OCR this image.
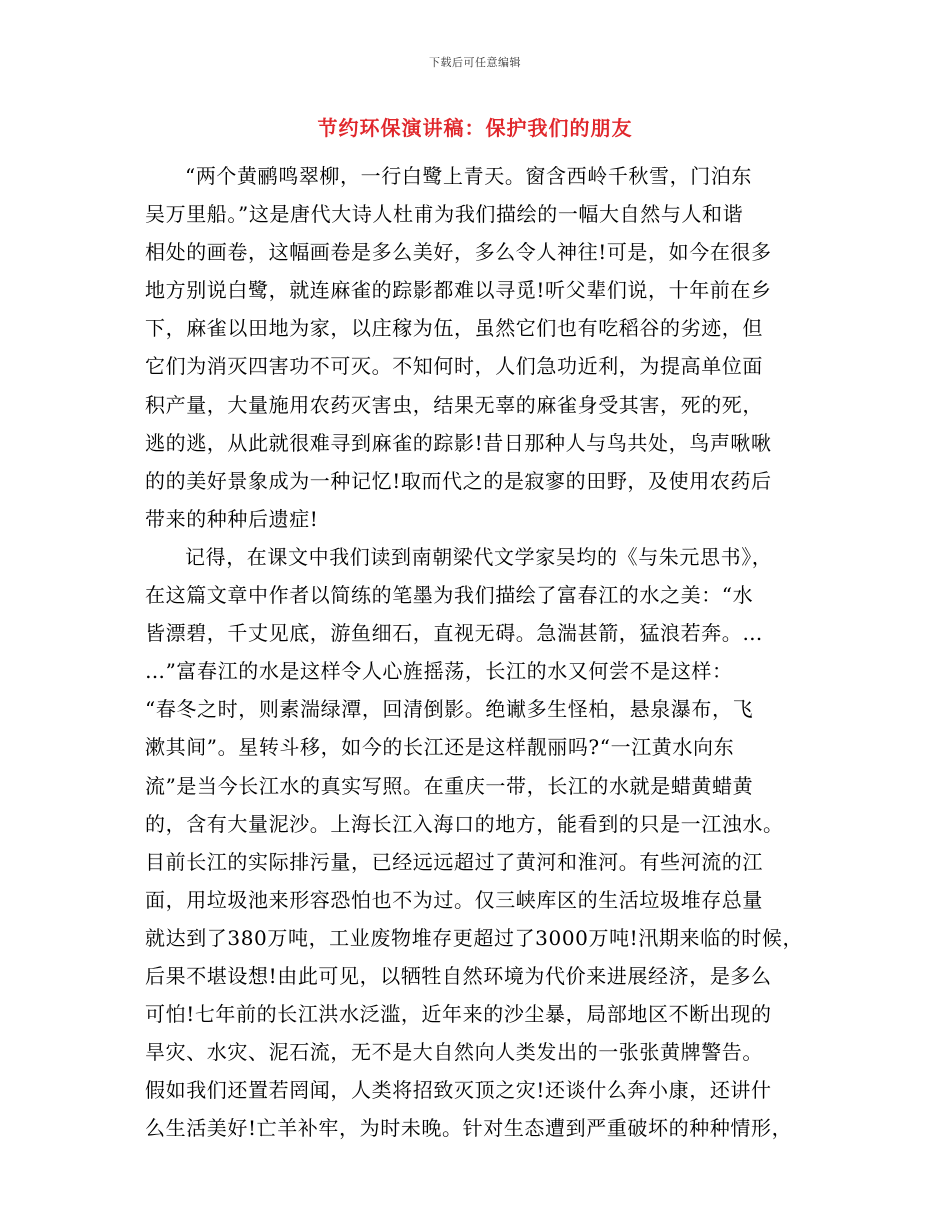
下载后可任意编辑
节约环保演讲稿：保护我们的朋友
“两个黄鹂鸣翠柳，一行白鹭上青天。窗含西岭千秋雪，门泊东
吴万里船。”这是唐代大诗人杜甫为我们描绘的一幅大自然与人和谐
相处的画卷，这幅画卷是多么美好，多么令人神往!可是，如今在很多
地方别说白鹭，就连麻雀的踪影都难以寻觅!听父辈们说，十年前在乡
下，麻雀以田地为家，以庄稼为伍，虽然它们也有吃稻谷的劣迹，但
它们为消灭四害功不可灭。不知何时，人们急功近利，为提高单位面
积产量，大量施用农药灭害虫，结果无辜的麻雀身受其害，死的死，
逃的逃，从此就很难寻到麻雀的踪影!昔日那种人与鸟共处，鸟声啾啾
的的美好景象成为一种记忆!取而代之的是寂寥的田野，及使用农药后
带来的种种后遗症!
记得，在课文中我们读到南朝梁代文学家吴均的《与朱元思书》，
在这篇文章中作者以简练的笔墨为我们描绘了富春江的水之美：“水
皆漂碧，千丈见底，游鱼细石，直视无碍。急湍甚箭，猛浪若奔。…
…”富春江的水是这样令人心旌摇荡，长江的水又何尝不是这样：
“春冬之时，则素湍绿潭，回清倒影。绝谳多生怪柏，悬泉瀑布，飞
漱其间”。星转斗移，如今的长江还是这样靓丽吗?“一江黄水向东
流”是当今长江水的真实写照。在重庆一带，长江的水就是蜡黄蜡黄
的，含有大量泥沙。上海长江入海口的地方，能看到的只是一江浊水。
目前长江的实际排污量，已经远远超过了黄河和淮河。有些河流的江
面，用垃圾池来形容恐怕也不为过。仅三峡库区的生活垃圾堆存总量
就达到了380万吨，工业废物堆存更超过了3000万吨!汛期来临的时候，
后果不堪设想!由此可见，以牺牲自然环境为代价来进展经济，是多么
可怕!七年前的长江洪水泛滥，近年来的沙尘暴，局部地区不断出现的
旱灾、水灾、泥石流，无不是大自然向人类发出的一张张黄牌警告。
假如我们还置若罔闻，人类将招致灭顶之灾!还谈什么奔小康，还讲什
么生活美好!亡羊补牢，为时未晚。针对生态遭到严重破坏的种种情形，
